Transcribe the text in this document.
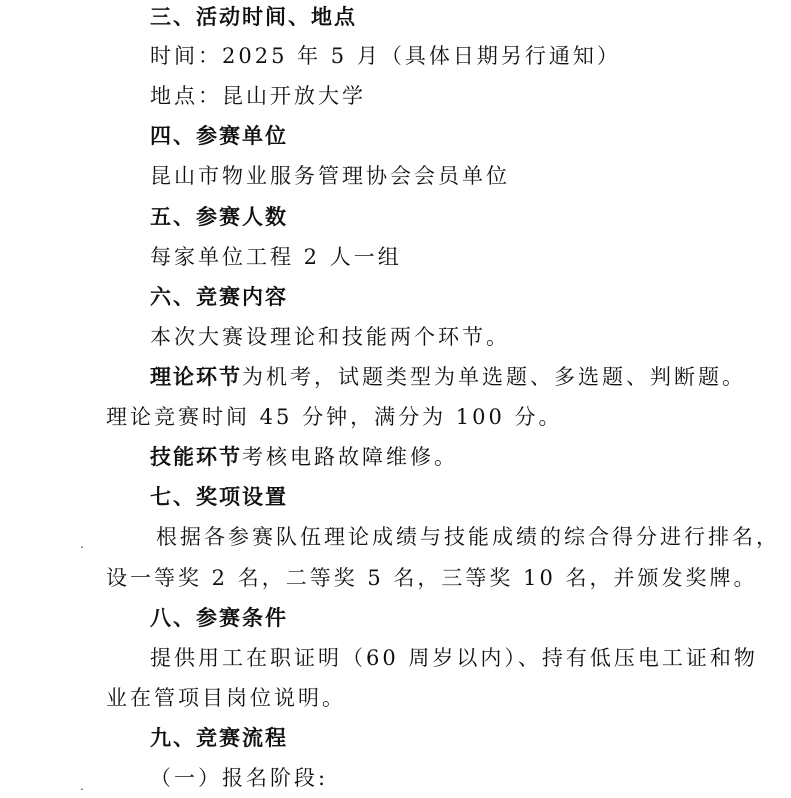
三、活动时间、地点
时间：2025 年 5 月（具体日期另行通知）
地点：昆山开放大学
四、参赛单位
昆山市物业服务管理协会会员单位
五、参赛人数
每家单位工程 2 人一组
六、竞赛内容
本次大赛设理论和技能两个环节。
理论环节为机考，试题类型为单选题、多选题、判断题。
理论竞赛时间 45 分钟，满分为 100 分。
技能环节考核电路故障维修。
七、奖项设置
.	根据各参赛队伍理论成绩与技能成绩的综合得分进行排名，
设一等奖 2 名，二等奖 5 名，三等奖 10 名，并颁发奖牌。
八、参赛条件
提供用工在职证明（60 周岁以内）、持有低压电工证和物
业在管项目岗位说明。
九、竞赛流程
.	（一）报名阶段:
